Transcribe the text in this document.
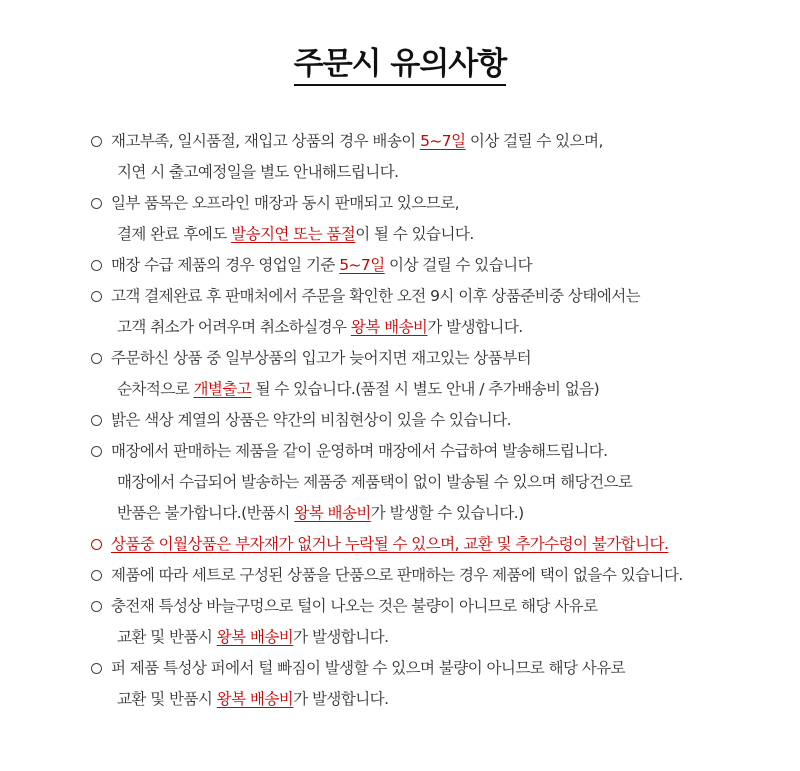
주문시 유의사항
재고부족, 일시품절, 재입고 상품의 경우 배송이 5~7일 이상 걸릴 수 있으며,
지연 시 출고예정일을 별도 안내해드립니다.
일부 품목은 오프라인 매장과 동시 판매되고 있으므로,
결제 완료 후에도 발송지연 또는 품절이 될 수 있습니다.
매장 수급 제품의 경우 영업일 기준 5~7일 이상 걸릴 수 있습니다
고객 결제완료 후 판매처에서 주문을 확인한 오전 9시 이후 상품준비중 상태에서는
고객 취소가 어려우며 취소하실경우 왕복 배송비가 발생합니다.
주문하신 상품 중 일부상품의 입고가 늦어지면 재고있는 상품부터
순차적으로 개별출고 될 수 있습니다.(품절 시 별도 안내 / 추가배송비 없음)
밝은 색상 계열의 상품은 약간의 비침현상이 있을 수 있습니다.
매장에서 판매하는 제품을 같이 운영하며 매장에서 수급하여 발송해드립니다.
매장에서 수급되어 발송하는 제품중 제품택이 없이 발송될 수 있으며 해당건으로
반품은 불가합니다.(반품시 왕복 배송비가 발생할 수 있습니다.)
상품중 이월상품은 부자재가 없거나 누락될 수 있으며, 교환 및 추가수령이 불가합니다.
제품에 따라 세트로 구성된 상품을 단품으로 판매하는 경우 제품에 택이 없을수 있습니다.
충전재 특성상 바늘구멍으로 털이 나오는 것은 불량이 아니므로 해당 사유로
교환 및 반품시 왕복 배송비가 발생합니다.
퍼 제품 특성상 퍼에서 털 빠짐이 발생할 수 있으며 불량이 아니므로 해당 사유로
교환 및 반품시 왕복 배송비가 발생합니다.
